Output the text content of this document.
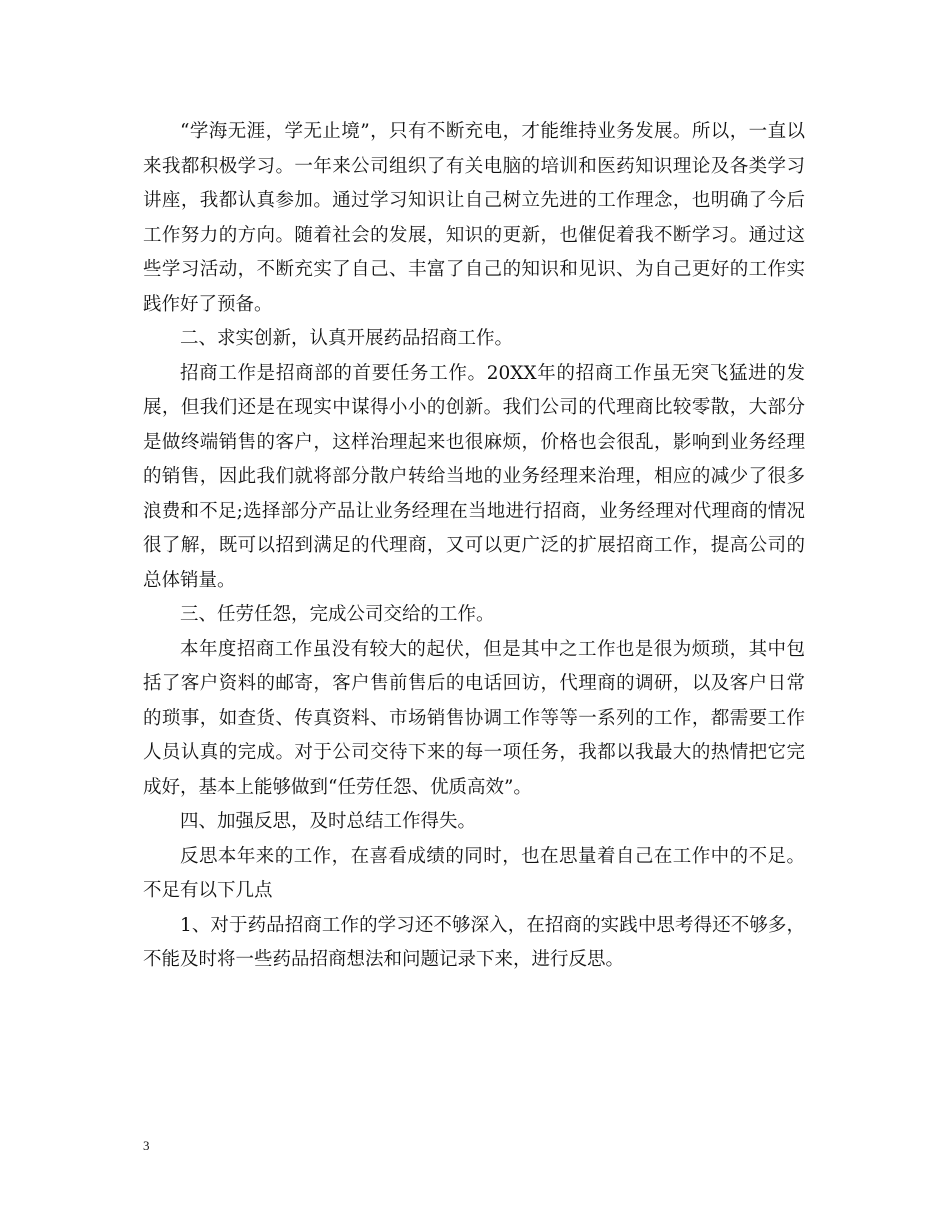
“学海无涯，学无止境”，只有不断充电，才能维持业务发展。所以，一直以来我都积极学习。一年来公司组织了有关电脑的培训和医药知识理论及各类学习讲座，我都认真参加。通过学习知识让自己树立先进的工作理念，也明确了今后工作努力的方向。随着社会的发展，知识的更新，也催促着我不断学习。通过这些学习活动，不断充实了自己、丰富了自己的知识和见识、为自己更好的工作实践作好了预备。

二、求实创新，认真开展药品招商工作。

招商工作是招商部的首要任务工作。20XX年的招商工作虽无突飞猛进的发展，但我们还是在现实中谋得小小的创新。我们公司的代理商比较零散，大部分是做终端销售的客户，这样治理起来也很麻烦，价格也会很乱，影响到业务经理的销售，因此我们就将部分散户转给当地的业务经理来治理，相应的减少了很多浪费和不足;选择部分产品让业务经理在当地进行招商，业务经理对代理商的情况很了解，既可以招到满足的代理商，又可以更广泛的扩展招商工作，提高公司的总体销量。

三、任劳任怨，完成公司交给的工作。

本年度招商工作虽没有较大的起伏，但是其中之工作也是很为烦琐，其中包括了客户资料的邮寄，客户售前售后的电话回访，代理商的调研，以及客户日常的琐事，如查货、传真资料、市场销售协调工作等等一系列的工作，都需要工作人员认真的完成。对于公司交待下来的每一项任务，我都以我最大的热情把它完成好，基本上能够做到“任劳任怨、优质高效”。

四、加强反思，及时总结工作得失。

反思本年来的工作，在喜看成绩的同时，也在思量着自己在工作中的不足。不足有以下几点

1、对于药品招商工作的学习还不够深入，在招商的实践中思考得还不够多，不能及时将一些药品招商想法和问题记录下来，进行反思。

3
